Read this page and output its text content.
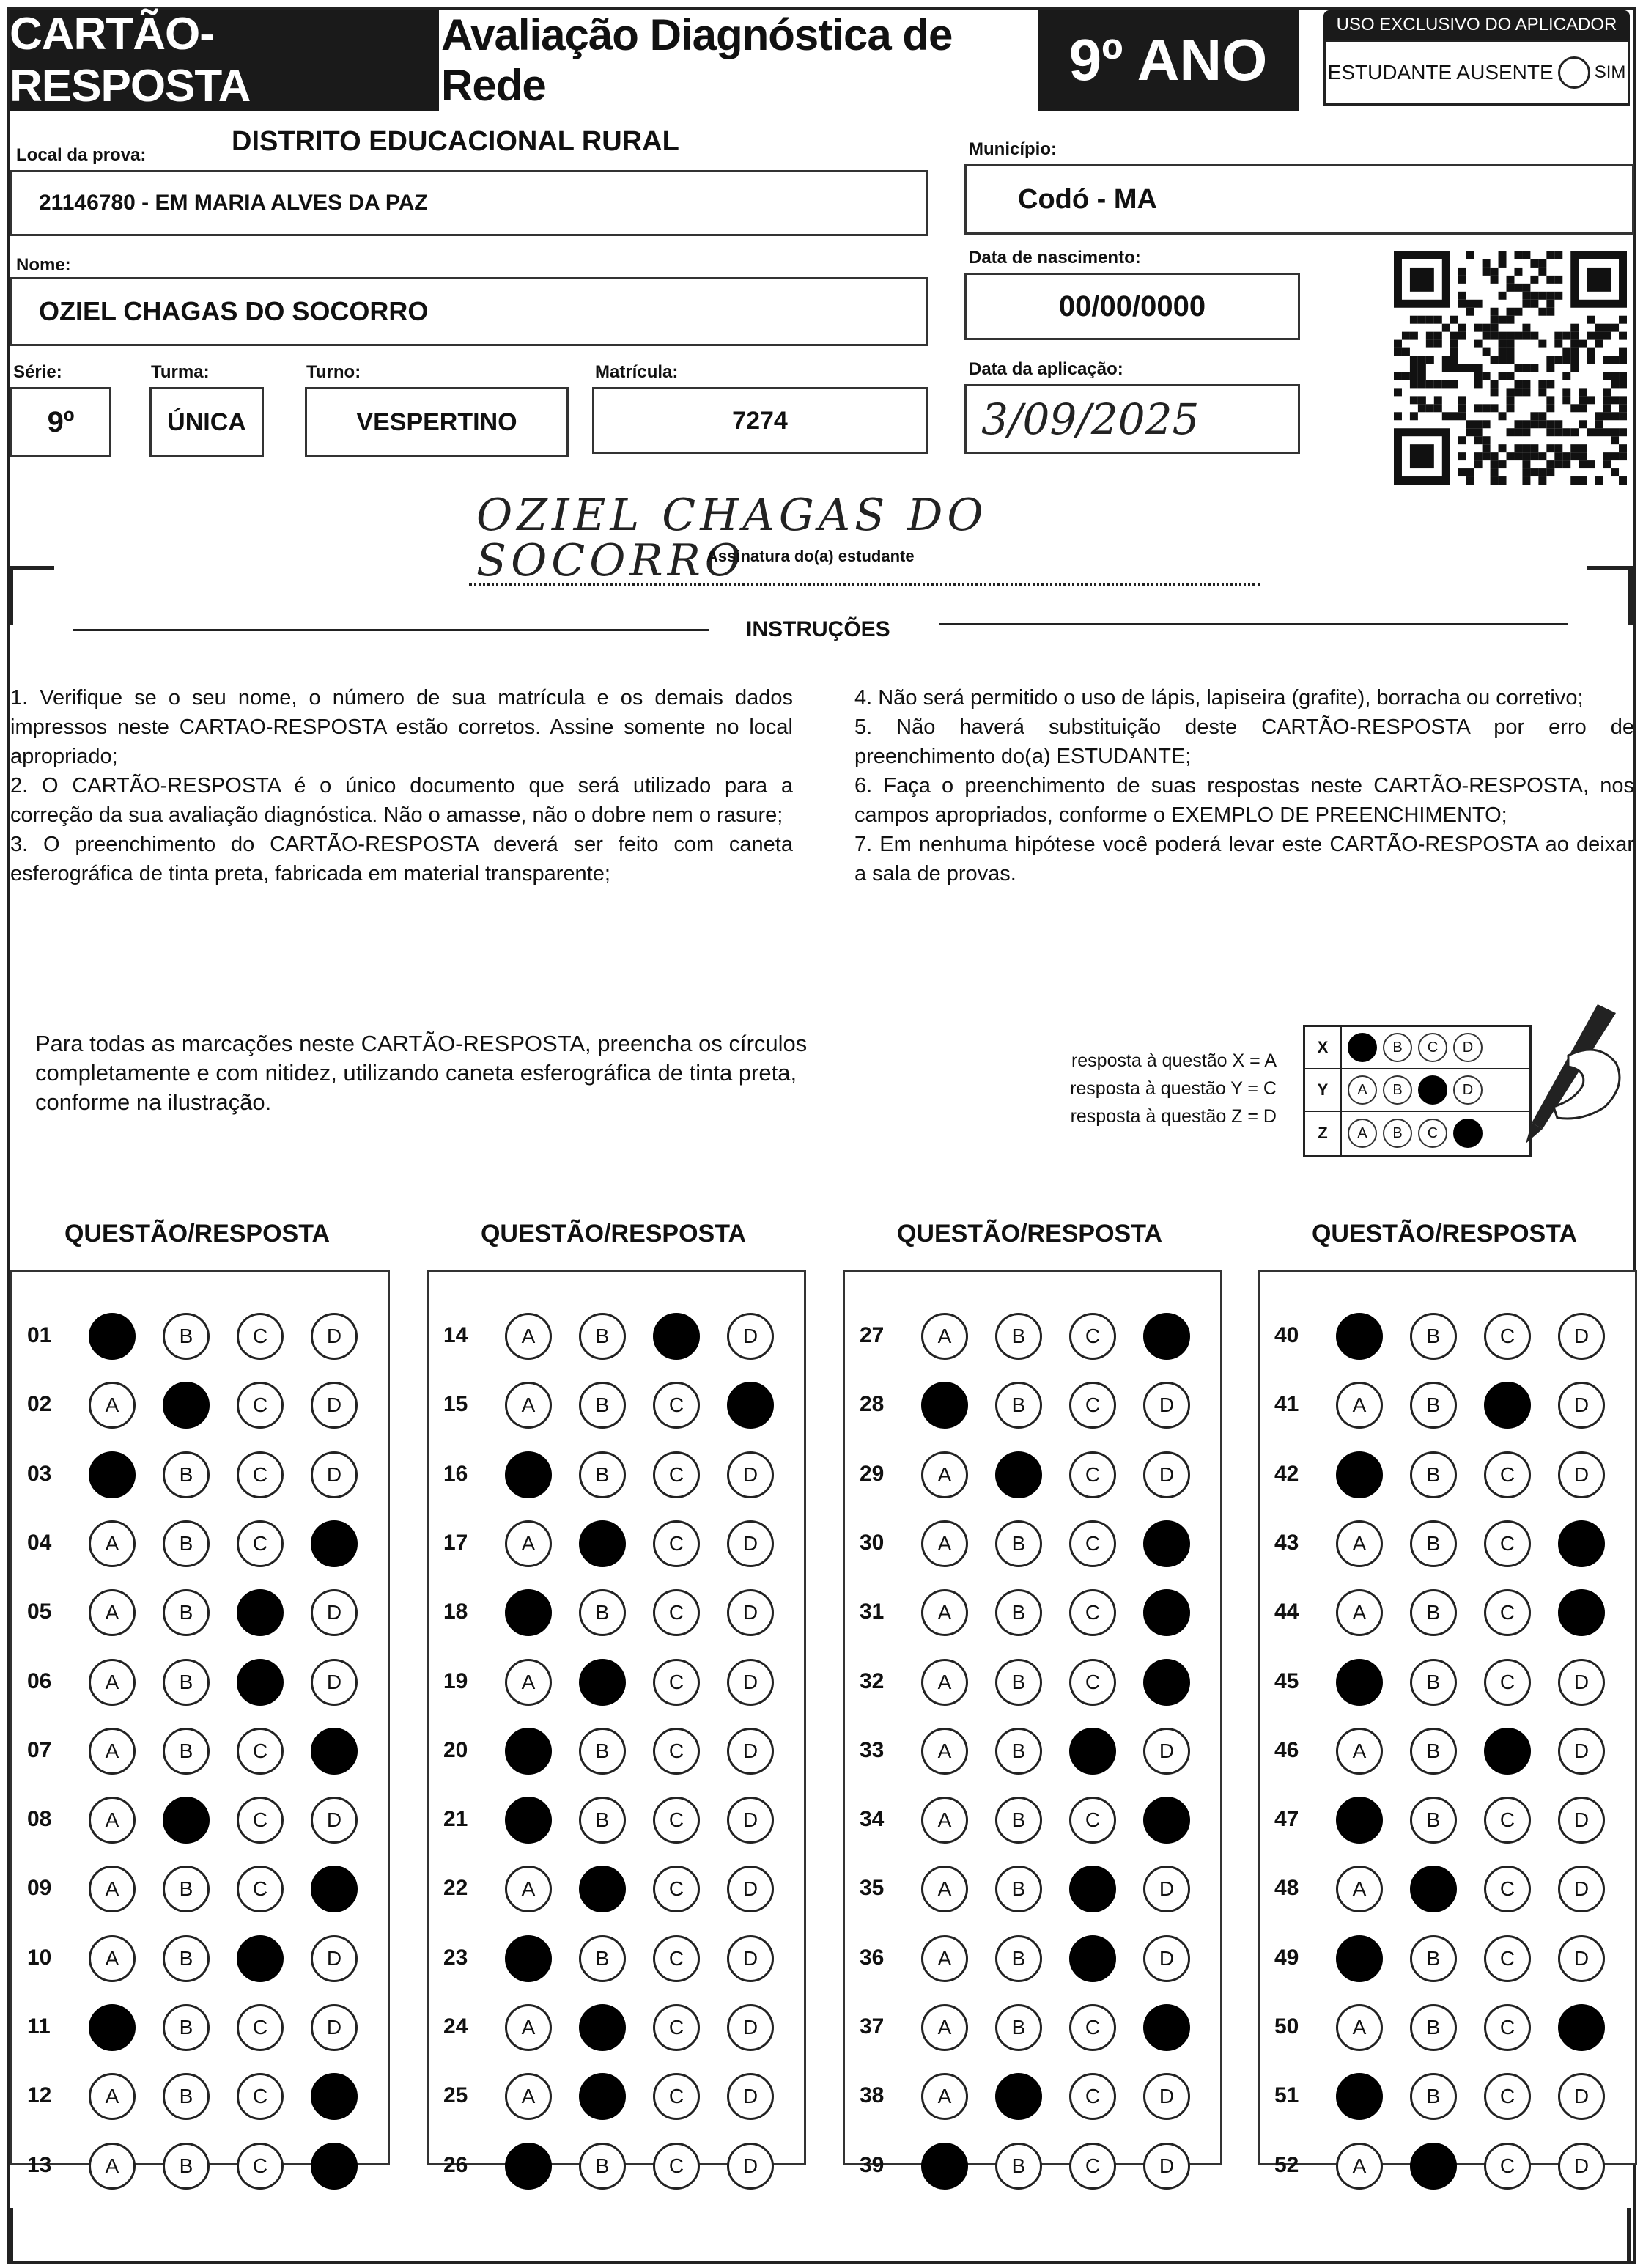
CARTÃO-RESPOSTA
Avaliação Diagnóstica de Rede	9º ANO
USO EXCLUSIVO DO APLICADOR
ESTUDANTE AUSENTE SIM
Local da prova:	DISTRITO EDUCACIONAL RURAL
21146780 - EM MARIA ALVES DA PAZ
Município:
Codó - MA
Nome:
OZIEL CHAGAS DO SOCORRO
Data de nascimento:
00/00/0000
Série:
9º
Turma:
ÚNICA
Turno:
VESPERTINO
Matrícula:
7274
Data da aplicação:
3/09/2025
OZIEL CHAGAS DO SOCORRO
Assinatura do(a) estudante
INSTRUÇÕES

1. Verifique se o seu nome, o número de sua matrícula e os demais dados impressos neste CARTAO-RESPOSTA estão corretos. Assine somente no local apropriado;

2. O CARTÃO-RESPOSTA é o único documento que será utilizado para a correção da sua avaliação diagnóstica. Não o amasse, não o dobre nem o rasure;

3. O preenchimento do CARTÃO-RESPOSTA deverá ser feito com caneta esferográfica de tinta preta, fabricada em material transparente;

4. Não será permitido o uso de lápis, lapiseira (grafite), borracha ou corretivo;

5. Não haverá substituição deste CARTÃO-RESPOSTA por erro de preenchimento do(a) ESTUDANTE;

6. Faça o preenchimento de suas respostas neste CARTÃO-RESPOSTA, nos campos apropriados, conforme o EXEMPLO DE PREENCHIMENTO;

7. Em nenhuma hipótese você poderá levar este CARTÃO-RESPOSTA ao deixar a sala de provas.

Para todas as marcações neste CARTÃO-RESPOSTA, preencha os círculos completamente e com nitidez, utilizando caneta esferográfica de tinta preta, conforme na ilustração.
resposta à questão X = A
resposta à questão Y = C
resposta à questão Z = D
X	A	B	C	D
Y	A	B	C	D
Z	A	B	C	D
QUESTÃO/RESPOSTA
01	A	B	C	D
02	A	B	C	D
03	A	B	C	D
04	A	B	C	D
05	A	B	C	D
06	A	B	C	D
07	A	B	C	D
08	A	B	C	D
09	A	B	C	D
10	A	B	C	D
11	A	B	C	D
12	A	B	C	D
13	A	B	C	D
QUESTÃO/RESPOSTA
14	A	B	C	D
15	A	B	C	D
16	A	B	C	D
17	A	B	C	D
18	A	B	C	D
19	A	B	C	D
20	A	B	C	D
21	A	B	C	D
22	A	B	C	D
23	A	B	C	D
24	A	B	C	D
25	A	B	C	D
26	A	B	C	D
QUESTÃO/RESPOSTA
27	A	B	C	D
28	A	B	C	D
29	A	B	C	D
30	A	B	C	D
31	A	B	C	D
32	A	B	C	D
33	A	B	C	D
34	A	B	C	D
35	A	B	C	D
36	A	B	C	D
37	A	B	C	D
38	A	B	C	D
39	A	B	C	D
QUESTÃO/RESPOSTA
40	A	B	C	D
41	A	B	C	D
42	A	B	C	D
43	A	B	C	D
44	A	B	C	D
45	A	B	C	D
46	A	B	C	D
47	A	B	C	D
48	A	B	C	D
49	A	B	C	D
50	A	B	C	D
51	A	B	C	D
52	A	B	C	D
